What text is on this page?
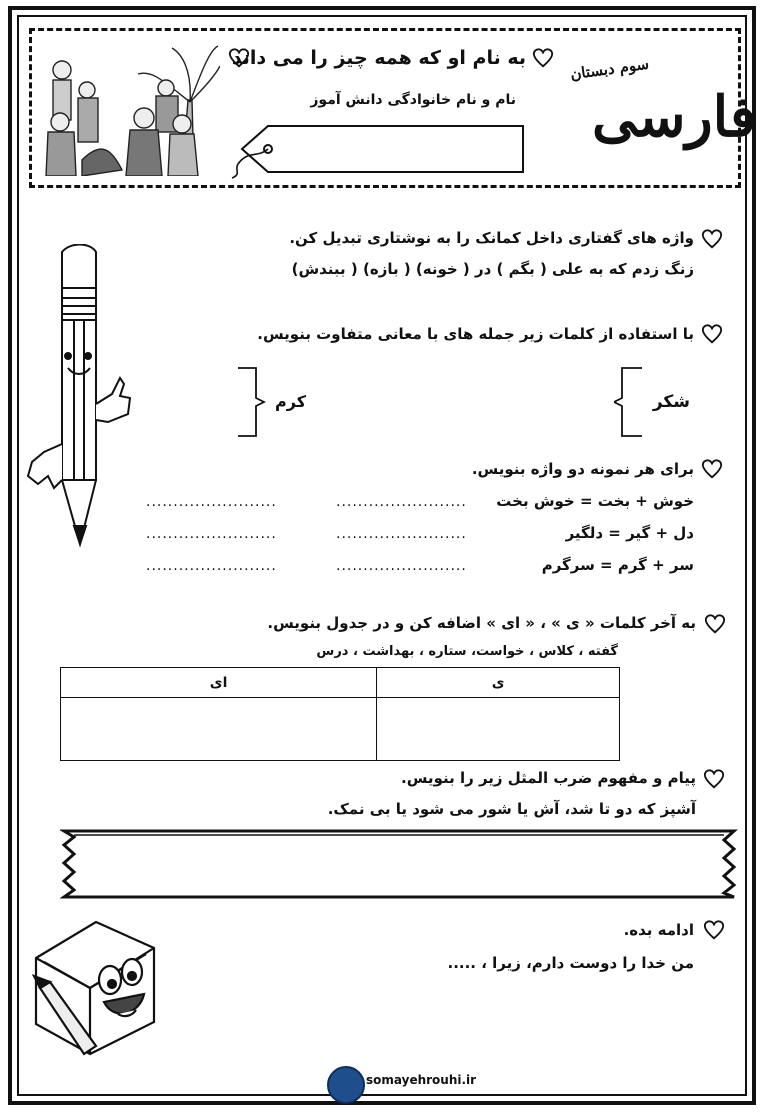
به نام او که همه چیز را می داند
نام و نام خانوادگی دانش آموز فارسی
سوم دبستان
واژه های گفتاری داخل کمانک را به نوشتاری تبدیل کن.
زنگ زدم که به علی ( بگم ) در ( خونه) ( بازه) ( ببندش)
با استفاده از کلمات زیر جمله های با معانی متفاوت بنویس.
شکر
کرم
برای هر نمونه دو واژه بنویس.
خوش + بخت = خوش بخت
دل + گیر = دلگیر
سر + گرم = سرگرم
........................
........................
........................
........................
........................
........................
به آخر کلمات « ی » ، « ای » اضافه کن و در جدول بنویس.
گفته ، کلاس ، خواست، ستاره ، بهداشت ، درس
ای	ی

پیام و مفهوم ضرب المثل زیر را بنویس.
آشپز که دو تا شد، آش یا شور می شود یا بی نمک.
ادامه بده.
من خدا را دوست دارم، زیرا ، .....
somayehrouhi.ir
